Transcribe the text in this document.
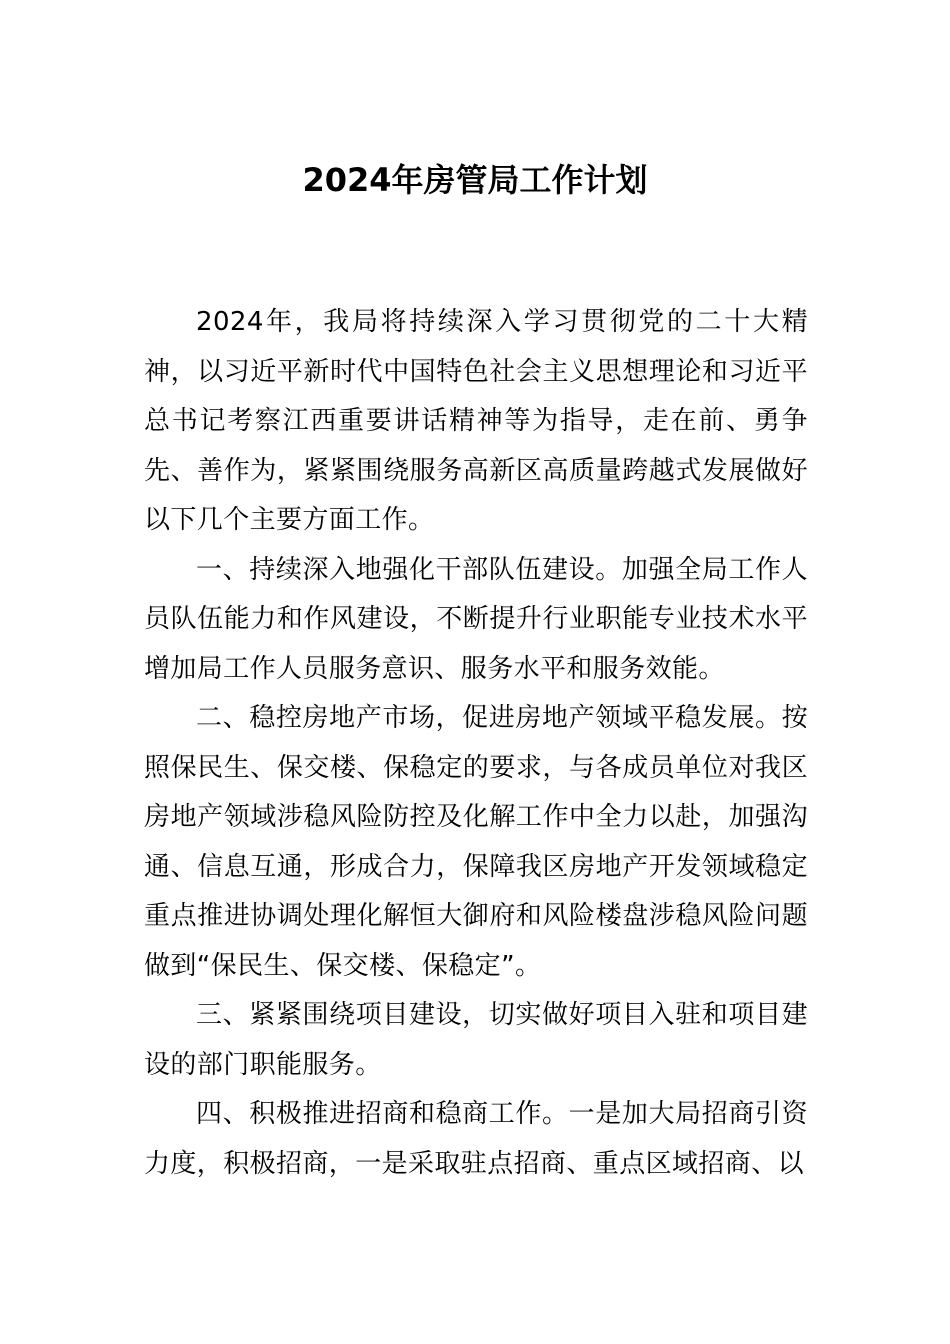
2024年房管局工作计划

2024年，我局将持续深入学习贯彻党的二十大精神，以习近平新时代中国特色社会主义思想理论和习近平总书记考察江西重要讲话精神等为指导，走在前、勇争先、善作为，紧紧围绕服务高新区高质量跨越式发展做好以下几个主要方面工作。

一、持续深入地强化干部队伍建设。加强全局工作人员队伍能力和作风建设，不断提升行业职能专业技术水平增加局工作人员服务意识、服务水平和服务效能。

二、稳控房地产市场，促进房地产领域平稳发展。按照保民生、保交楼、保稳定的要求，与各成员单位对我区房地产领域涉稳风险防控及化解工作中全力以赴，加强沟通、信息互通，形成合力，保障我区房地产开发领域稳定重点推进协调处理化解恒大御府和风险楼盘涉稳风险问题做到“保民生、保交楼、保稳定”。

三、紧紧围绕项目建设，切实做好项目入驻和项目建设的部门职能服务。

四、积极推进招商和稳商工作。一是加大局招商引资力度，积极招商，一是采取驻点招商、重点区域招商、以
